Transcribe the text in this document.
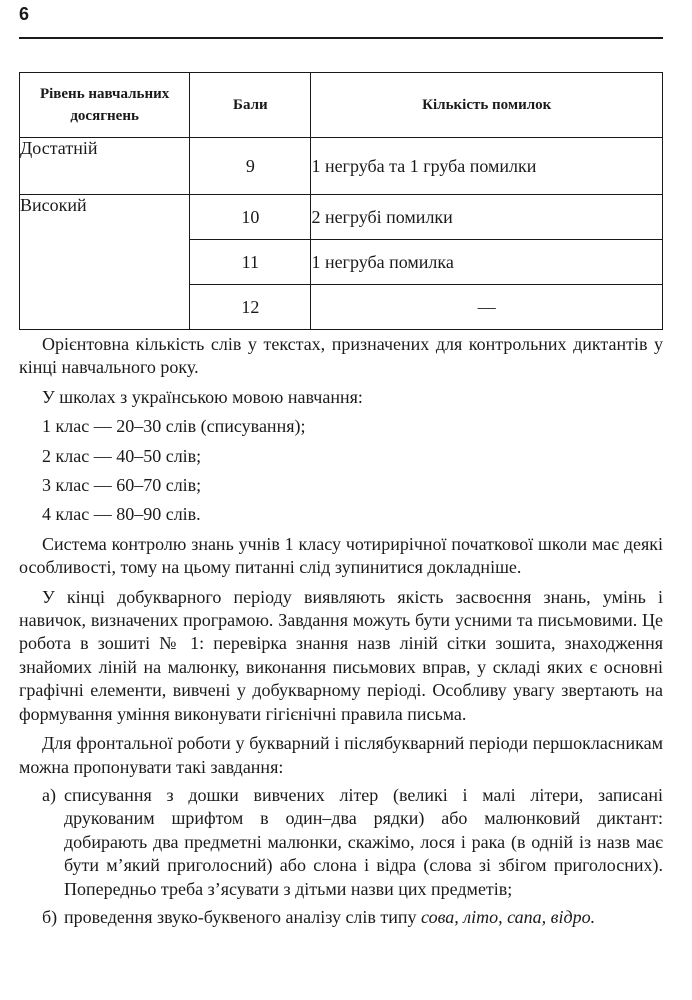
6
Рівень навчальних досягнень	Бали	Кількість помилок
Достатній	9	1 негруба та 1 груба помилки
Високий	10	2 негрубі помилки
	11	1 негруба помилка
	12	—

Орієнтовна кількість слів у текстах, призначених для контрольних диктантів у кінці навчального року.

У школах з українською мовою навчання:

1 клас — 20–30 слів (списування);

2 клас — 40–50 слів;

3 клас — 60–70 слів;

4 клас — 80–90 слів.

Система контролю знань учнів 1 класу чотирирічної початкової школи має деякі особливості, тому на цьому питанні слід зупинитися докладніше.

У кінці добукварного періоду виявляють якість засвоєння знань, умінь і навичок, визначених програмою. Завдання можуть бути усними та письмовими. Це робота в зошиті № 1: перевірка знання назв ліній сітки зошита, знаходження знайомих ліній на малюнку, виконання письмових вправ, у складі яких є основні графічні елементи, вивчені у добукварному періоді. Особливу увагу звертають на формування уміння виконувати гігієнічні правила письма.

Для фронтальної роботи у букварний і післябукварний періоди першокласникам можна пропонувати такі завдання:

а) списування з дошки вивчених літер (великі і малі літери, записані друкованим шрифтом в один–два рядки) або малюнковий диктант: добирають два предметні малюнки, скажімо, лося і рака (в одній із назв має бути м’який приголосний) або слона і відра (слова зі збігом приголосних). Попередньо треба з’ясувати з дітьми назви цих предметів;

б) проведення звуко-буквеного аналізу слів типу сова, літо, сапа, відро.
